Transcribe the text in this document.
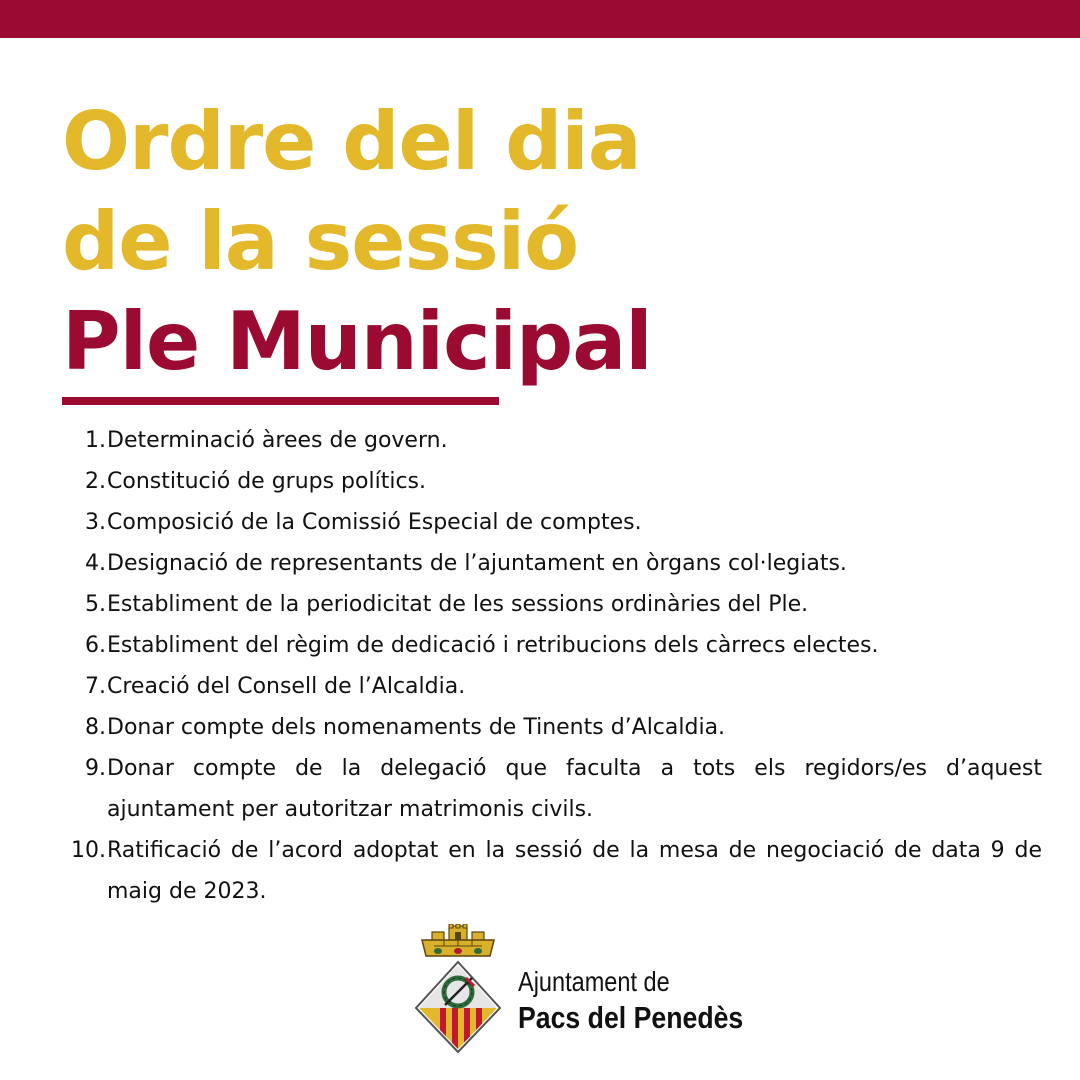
Ordre del dia
de la sessió
Ple Municipal
1. Determinació àrees de govern.
2. Constitució de grups polítics.
3. Composició de la Comissió Especial de comptes.
4. Designació de representants de l’ajuntament en òrgans col·legiats.
5. Establiment de la periodicitat de les sessions ordinàries del Ple.
6. Establiment del règim de dedicació i retribucions dels càrrecs electes.
7. Creació del Consell de l’Alcaldia.
8. Donar compte dels nomenaments de Tinents d’Alcaldia.
9. Donar compte de la delegació que faculta a tots els regidors/es d’aquest ajuntament per autoritzar matrimonis civils.
10. Ratificació de l’acord adoptat en la sessió de la mesa de negociació de data 9 de maig de 2023.
Ajuntament de
Pacs del Penedès
